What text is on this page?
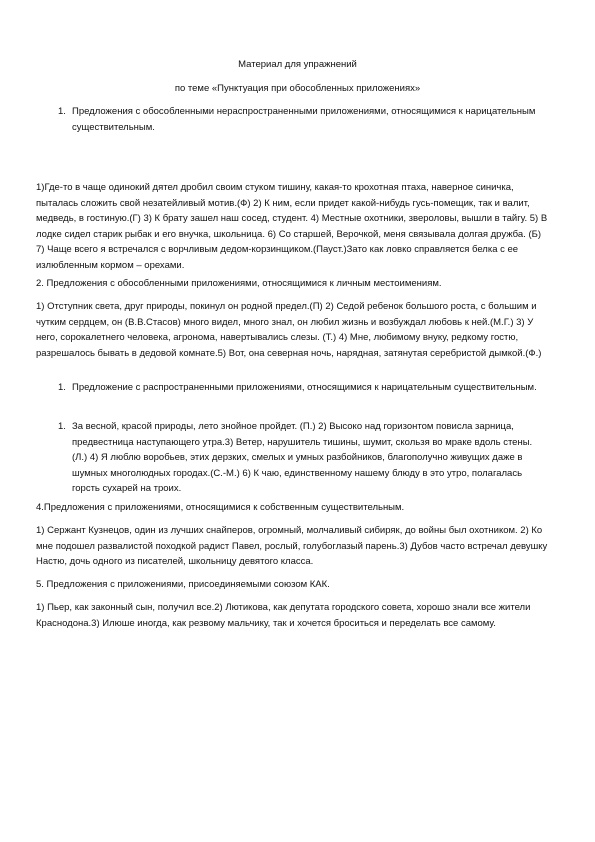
Материал для упражнений
по теме «Пунктуация при обособленных приложениях»
1. Предложения с обособленными нераспространенными приложениями, относящимися к нарицательным существительным.
1)Где-то в чаще одинокий дятел дробил своим стуком тишину, какая-то крохотная птаха, наверное синичка, пыталась сложить свой незатейливый мотив.(Ф) 2) К ним, если придет какой-нибудь гусь-помещик, так и валит, медведь, в гостиную.(Г) 3) К брату зашел наш сосед, студент. 4) Местные охотники, звероловы, вышли в тайгу. 5) В лодке сидел старик рыбак и его внучка, школьница. 6) Со старшей, Верочкой, меня связывала долгая дружба. (Б) 7) Чаще всего я встречался с ворчливым дедом-корзинщиком.(Пауст.)Зато как ловко справляется белка с ее излюбленным кормом – орехами.
2. Предложения с обособленными приложениями, относящимися к личным местоимениям.
1) Отступник света, друг природы, покинул он родной предел.(П) 2) Седой ребенок большого роста, с большим и чутким сердцем, он (В.В.Стасов) много видел, много знал, он любил жизнь и возбуждал любовь к ней.(М.Г.) 3) У него, сорокалетнего человека, агронома, навертывались слезы. (Т.) 4) Мне, любимому внуку, редкому гостю, разрешалось бывать в дедовой комнате.5) Вот, она северная ночь, нарядная, затянутая серебристой дымкой.(Ф.)
1. Предложение с распространенными приложениями, относящимися к нарицательным существительным.
1. За весной, красой природы, лето знойное пройдет. (П.) 2) Высоко над горизонтом повисла зарница, предвестница наступающего утра.3) Ветер, нарушитель тишины, шумит, скользя во мраке вдоль стены. (Л.) 4) Я люблю воробьев, этих дерзких, смелых и умных разбойников, благополучно живущих даже в шумных многолюдных городах.(С.-М.) 6) К чаю, единственному нашему блюду в это утро, полагалась горсть сухарей на троих.
4.Предложения с приложениями, относящимися к собственным существительным.
1) Сержант Кузнецов, один из лучших снайперов, огромный, молчаливый сибиряк, до войны был охотником. 2) Ко мне подошел развалистой походкой радист Павел, рослый, голубоглазый парень.3) Дубов часто встречал девушку Настю, дочь одного из писателей, школьницу девятого класса.
5. Предложения с приложениями, присоединяемыми союзом КАК.
1) Пьер, как законный сын, получил все.2) Лютикова, как депутата городского совета, хорошо знали все жители Краснодона.3) Илюше иногда, как резвому мальчику, так и хочется броситься и переделать все самому.
